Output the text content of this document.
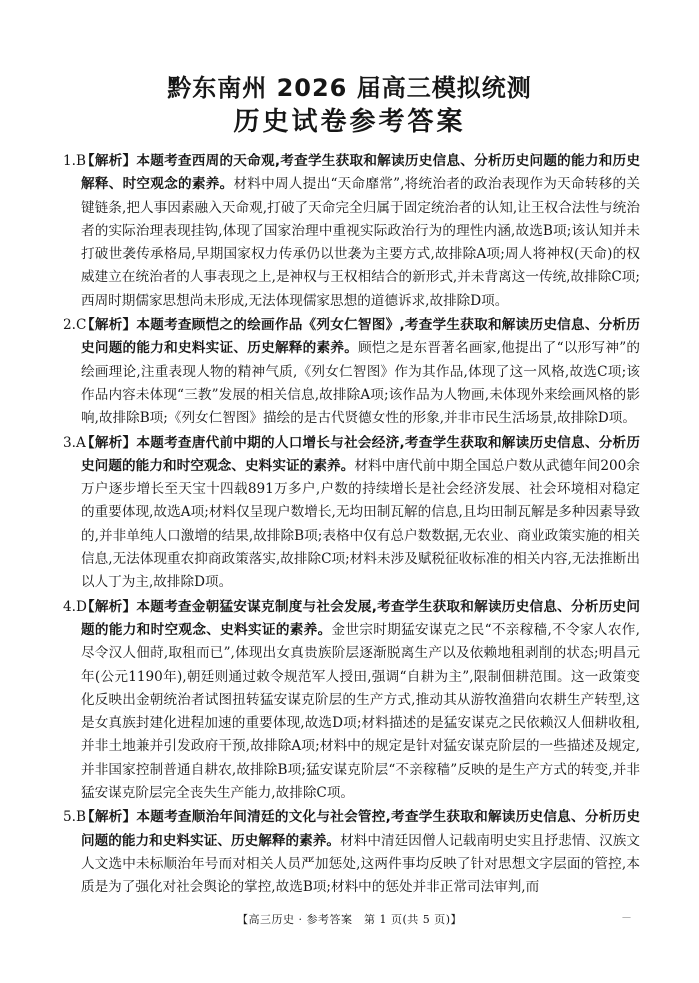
黔东南州 2026 届高三模拟统测
历史试卷参考答案
1.B
【解析】本题考查西周的天命观,考查学生获取和解读历史信息、分析历史问题的能力和历史解释、时空观念的素养。材料中周人提出“天命靡常”,将统治者的政治表现作为天命转移的关键链条,把人事因素融入天命观,打破了天命完全归属于固定统治者的认知,让王权合法性与统治者的实际治理表现挂钩,体现了国家治理中重视实际政治行为的理性内涵,故选B项;该认知并未打破世袭传承格局,早期国家权力传承仍以世袭为主要方式,故排除A项;周人将神权(天命)的权威建立在统治者的人事表现之上,是神权与王权相结合的新形式,并未背离这一传统,故排除C项;西周时期儒家思想尚未形成,无法体现儒家思想的道德诉求,故排除D项。
2.C
【解析】本题考查顾恺之的绘画作品《列女仁智图》,考查学生获取和解读历史信息、分析历史问题的能力和史料实证、历史解释的素养。顾恺之是东晋著名画家,他提出了“以形写神”的绘画理论,注重表现人物的精神气质,《列女仁智图》作为其作品,体现了这一风格,故选C项;该作品内容未体现“三教”发展的相关信息,故排除A项;该作品为人物画,未体现外来绘画风格的影响,故排除B项;《列女仁智图》描绘的是古代贤德女性的形象,并非市民生活场景,故排除D项。
3.A
【解析】本题考查唐代前中期的人口增长与社会经济,考查学生获取和解读历史信息、分析历史问题的能力和时空观念、史料实证的素养。材料中唐代前中期全国总户数从武德年间200余万户逐步增长至天宝十四载891万多户,户数的持续增长是社会经济发展、社会环境相对稳定的重要体现,故选A项;材料仅呈现户数增长,无均田制瓦解的信息,且均田制瓦解是多种因素导致的,并非单纯人口激增的结果,故排除B项;表格中仅有总户数数据,无农业、商业政策实施的相关信息,无法体现重农抑商政策落实,故排除C项;材料未涉及赋税征收标准的相关内容,无法推断出以人丁为主,故排除D项。
4.D
【解析】本题考查金朝猛安谋克制度与社会发展,考查学生获取和解读历史信息、分析历史问题的能力和时空观念、史料实证的素养。金世宗时期猛安谋克之民“不亲稼穑,不令家人农作,尽令汉人佃莳,取租而已”,体现出女真贵族阶层逐渐脱离生产以及依赖地租剥削的状态;明昌元年(公元1190年),朝廷则通过敕令规范军人授田,强调“自耕为主”,限制佃耕范围。这一政策变化反映出金朝统治者试图扭转猛安谋克阶层的生产方式,推动其从游牧渔猎向农耕生产转型,这是女真族封建化进程加速的重要体现,故选D项;材料描述的是猛安谋克之民依赖汉人佃耕收租,并非土地兼并引发政府干预,故排除A项;材料中的规定是针对猛安谋克阶层的一些描述及规定,并非国家控制普通自耕农,故排除B项;猛安谋克阶层“不亲稼穑”反映的是生产方式的转变,并非猛安谋克阶层完全丧失生产能力,故排除C项。
5.B
【解析】本题考查顺治年间清廷的文化与社会管控,考查学生获取和解读历史信息、分析历史问题的能力和史料实证、历史解释的素养。材料中清廷因僧人记载南明史实且抒悲情、汉族文人文选中未标顺治年号而对相关人员严加惩处,这两件事均反映了针对思想文字层面的管控,本质是为了强化对社会舆论的掌控,故选B项;材料中的惩处并非正常司法审判,而
【高三历史 · 参考答案　第 1 页(共 5 页)】	—
